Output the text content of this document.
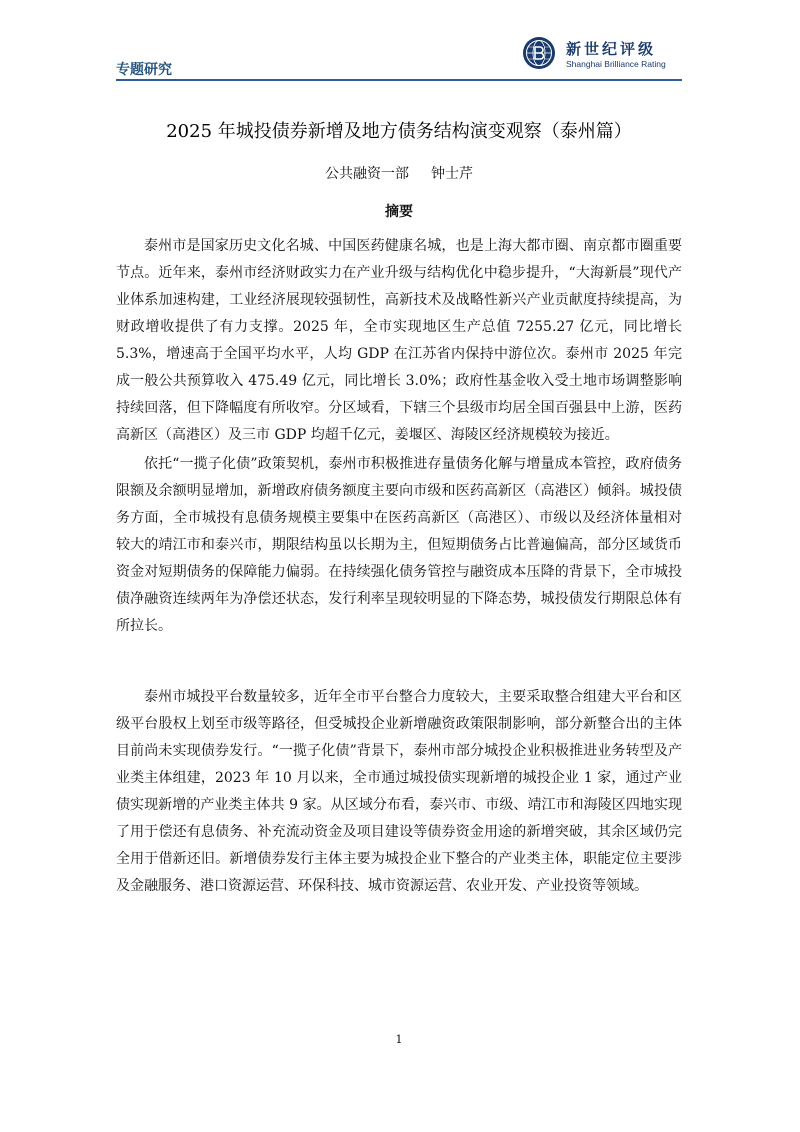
专题研究
新世纪评级
Shanghai Brilliance Rating
2025 年城投债券新增及地方债务结构演变观察（泰州篇）
公共融资一部 钟士芹
摘要

泰州市是国家历史文化名城、中国医药健康名城，也是上海大都市圈、南京都市圈重要节点。近年来，泰州市经济财政实力在产业升级与结构优化中稳步提升，“大海新晨”现代产业体系加速构建，工业经济展现较强韧性，高新技术及战略性新兴产业贡献度持续提高，为财政增收提供了有力支撑。2025 年，全市实现地区生产总值 7255.27 亿元，同比增长 5.3%，增速高于全国平均水平，人均 GDP 在江苏省内保持中游位次。泰州市 2025 年完成一般公共预算收入 475.49 亿元，同比增长 3.0%；政府性基金收入受土地市场调整影响持续回落，但下降幅度有所收窄。分区域看，下辖三个县级市均居全国百强县中上游，医药高新区（高港区）及三市 GDP 均超千亿元，姜堰区、海陵区经济规模较为接近。

依托“一揽子化债”政策契机，泰州市积极推进存量债务化解与增量成本管控，政府债务限额及余额明显增加，新增政府债务额度主要向市级和医药高新区（高港区）倾斜。城投债务方面，全市城投有息债务规模主要集中在医药高新区（高港区）、市级以及经济体量相对较大的靖江市和泰兴市，期限结构虽以长期为主，但短期债务占比普遍偏高，部分区域货币资金对短期债务的保障能力偏弱。在持续强化债务管控与融资成本压降的背景下，全市城投债净融资连续两年为净偿还状态，发行利率呈现较明显的下降态势，城投债发行期限总体有所拉长。

泰州市城投平台数量较多，近年全市平台整合力度较大，主要采取整合组建大平台和区级平台股权上划至市级等路径，但受城投企业新增融资政策限制影响，部分新整合出的主体目前尚未实现债券发行。“一揽子化债”背景下，泰州市部分城投企业积极推进业务转型及产业类主体组建，2023 年 10 月以来，全市通过城投债实现新增的城投企业 1 家，通过产业债实现新增的产业类主体共 9 家。从区域分布看，泰兴市、市级、靖江市和海陵区四地实现了用于偿还有息债务、补充流动资金及项目建设等债券资金用途的新增突破，其余区域仍完全用于借新还旧。新增债券发行主体主要为城投企业下整合的产业类主体，职能定位主要涉及金融服务、港口资源运营、环保科技、城市资源运营、农业开发、产业投资等领域。

1
